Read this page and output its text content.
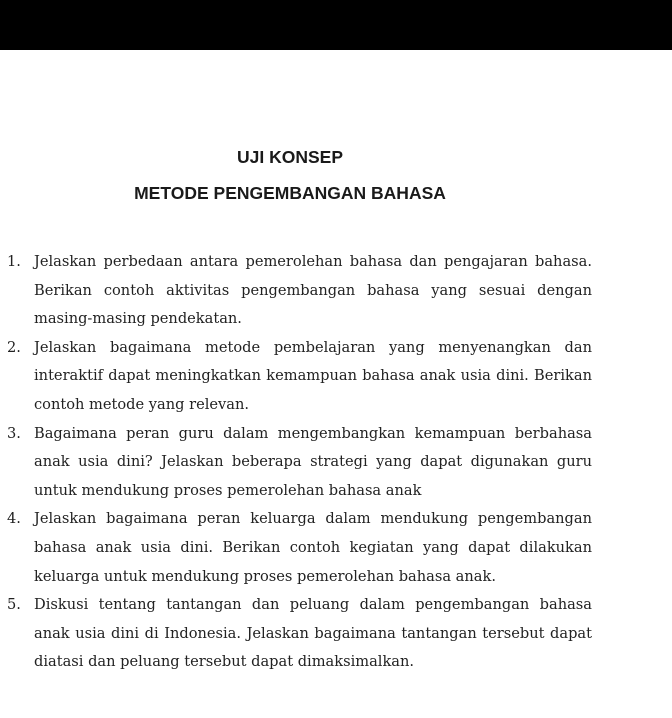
UJI KONSEP
METODE PENGEMBANGAN BAHASA
1. Jelaskan perbedaan antara pemerolehan bahasa dan pengajaran bahasa. Berikan contoh aktivitas pengembangan bahasa yang sesuai dengan masing-masing pendekatan.
2. Jelaskan bagaimana metode pembelajaran yang menyenangkan dan interaktif dapat meningkatkan kemampuan bahasa anak usia dini. Berikan contoh metode yang relevan.
3. Bagaimana peran guru dalam mengembangkan kemampuan berbahasa anak usia dini? Jelaskan beberapa strategi yang dapat digunakan guru untuk mendukung proses pemerolehan bahasa anak
4. Jelaskan bagaimana peran keluarga dalam mendukung pengembangan bahasa anak usia dini. Berikan contoh kegiatan yang dapat dilakukan keluarga untuk mendukung proses pemerolehan bahasa anak.
5. Diskusi tentang tantangan dan peluang dalam pengembangan bahasa anak usia dini di Indonesia. Jelaskan bagaimana tantangan tersebut dapat diatasi dan peluang tersebut dapat dimaksimalkan.
